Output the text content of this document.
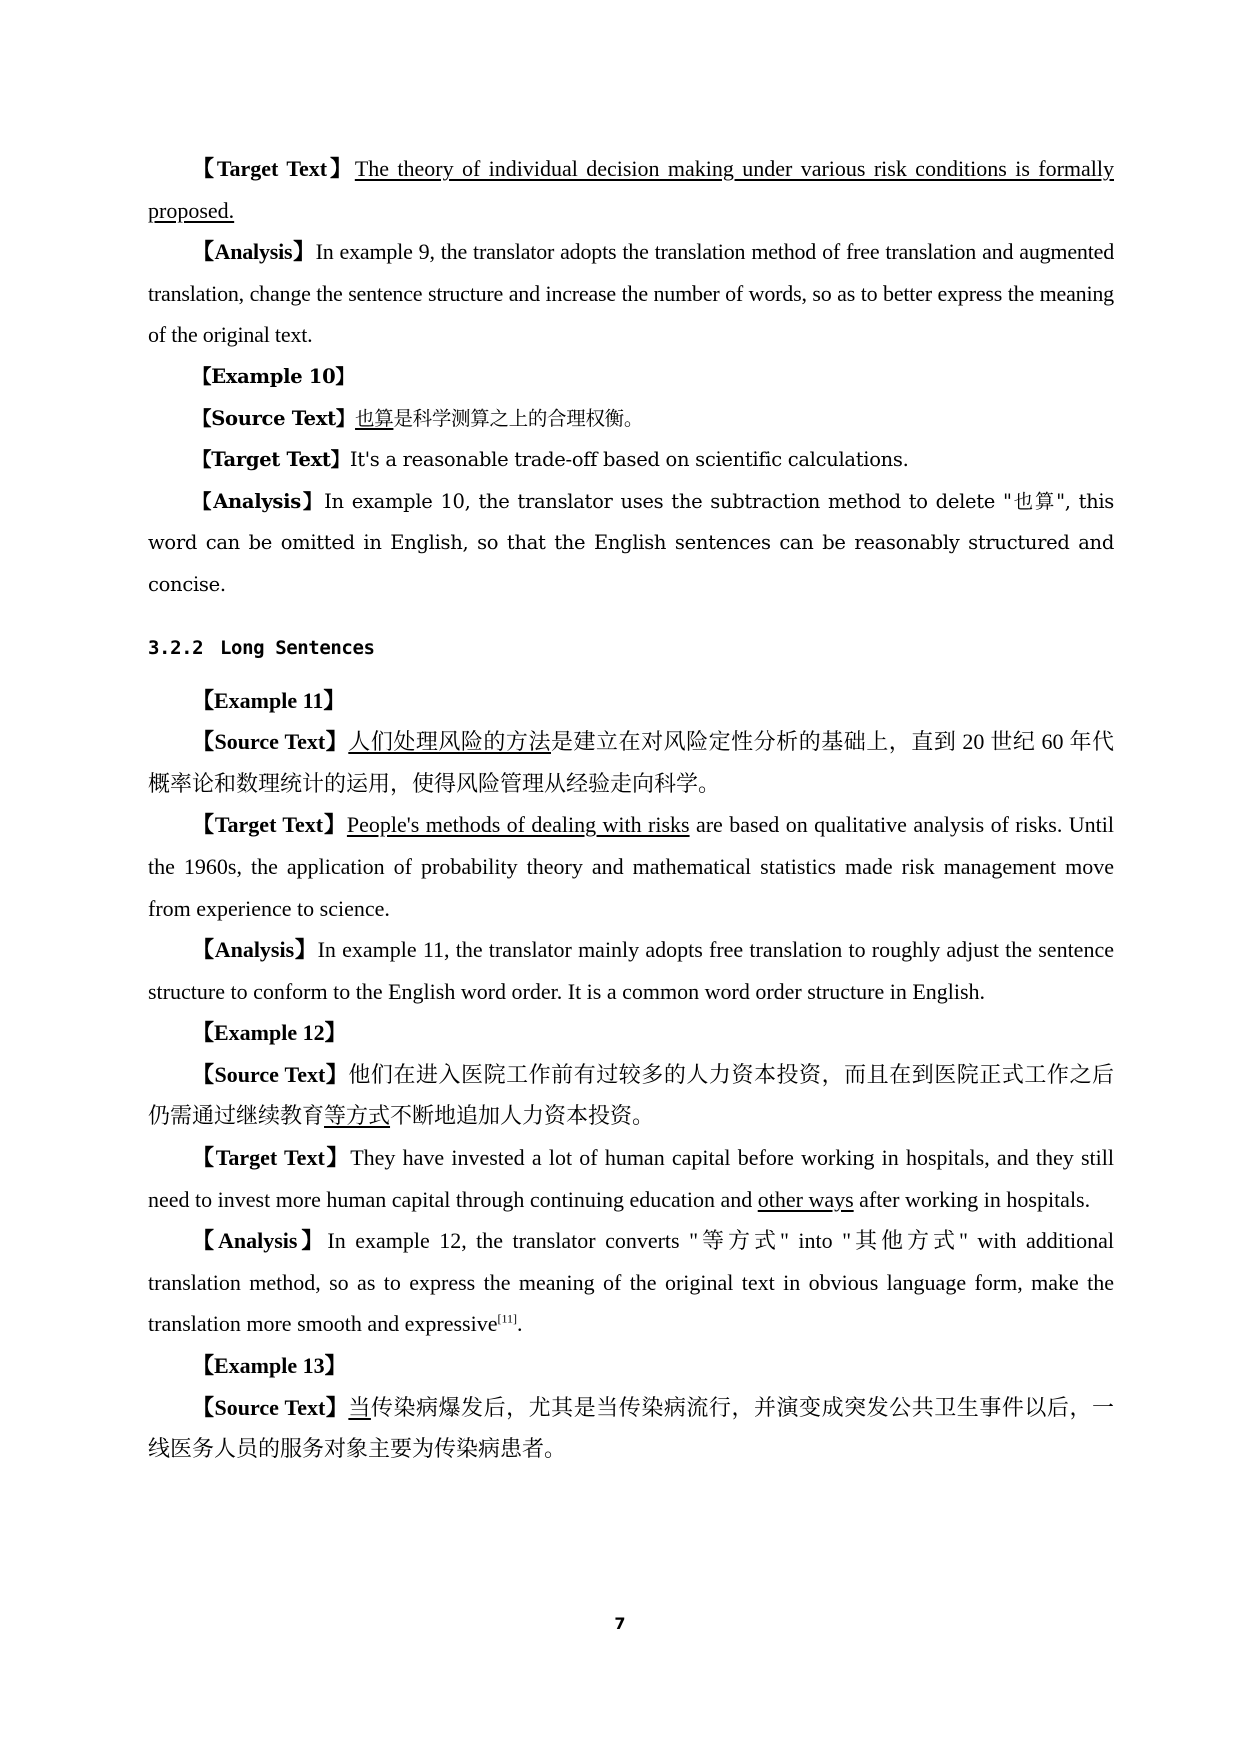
【Target Text】The theory of individual decision making under various risk conditions is formally proposed.

【Analysis】In example 9, the translator adopts the translation method of free translation and augmented translation, change the sentence structure and increase the number of words, so as to better express the meaning of the original text.

【Example 10】

【Source Text】也算是科学测算之上的合理权衡。

【Target Text】It's a reasonable trade-off based on scientific calculations.

【Analysis】In example 10, the translator uses the subtraction method to delete "也算", this word can be omitted in English, so that the English sentences can be reasonably structured and concise.

3.2.2 Long Sentences

【Example 11】

【Source Text】人们处理风险的方法是建立在对风险定性分析的基础上，直到 20 世纪 60 年代概率论和数理统计的运用，使得风险管理从经验走向科学。

【Target Text】People's methods of dealing with risks are based on qualitative analysis of risks. Until the 1960s, the application of probability theory and mathematical statistics made risk management move from experience to science.

【Analysis】In example 11, the translator mainly adopts free translation to roughly adjust the sentence structure to conform to the English word order. It is a common word order structure in English.

【Example 12】

【Source Text】他们在进入医院工作前有过较多的人力资本投资，而且在到医院正式工作之后仍需通过继续教育等方式不断地追加人力资本投资。

【Target Text】They have invested a lot of human capital before working in hospitals, and they still need to invest more human capital through continuing education and other ways after working in hospitals.

【Analysis】In example 12, the translator converts "等方式" into "其他方式" with additional translation method, so as to express the meaning of the original text in obvious language form, make the translation more smooth and expressive[11].

【Example 13】

【Source Text】当传染病爆发后，尤其是当传染病流行，并演变成突发公共卫生事件以后，一线医务人员的服务对象主要为传染病患者。

7
